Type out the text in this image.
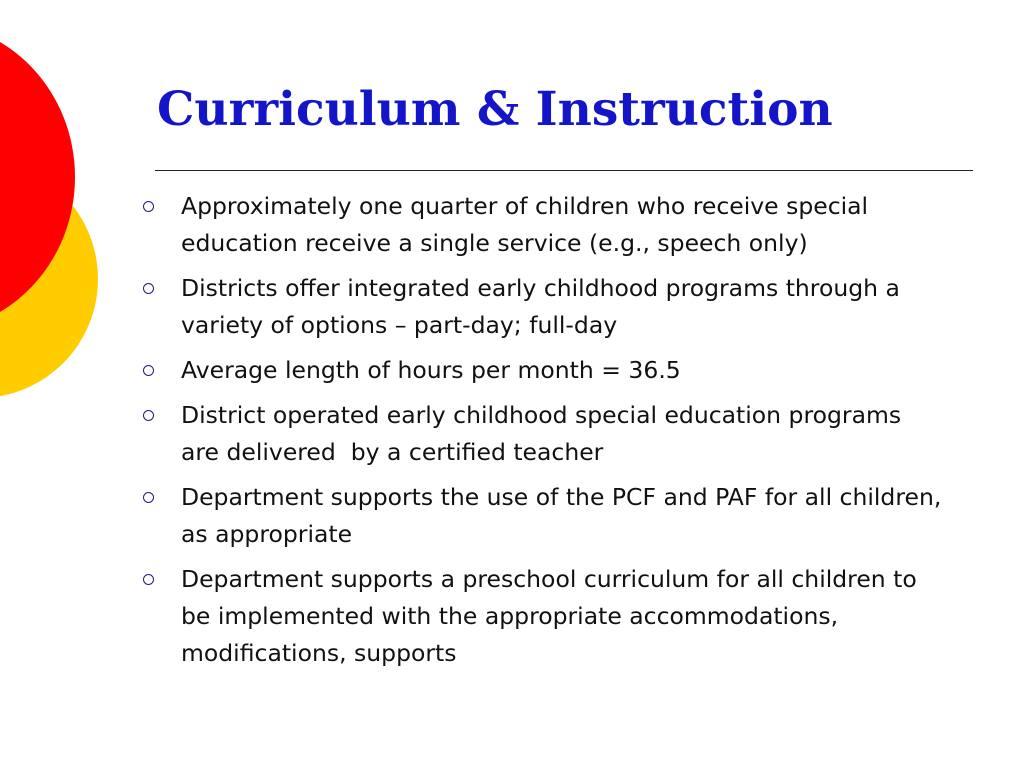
Curriculum & Instruction
Approximately one quarter of children who receive special education receive a single service (e.g., speech only)
Districts offer integrated early childhood programs through a variety of options – part-day; full-day
Average length of hours per month = 36.5
District operated early childhood special education programs are delivered  by a certified teacher
Department supports the use of the PCF and PAF for all children, as appropriate
Department supports a preschool curriculum for all children to be implemented with the appropriate accommodations, modifications, supports
